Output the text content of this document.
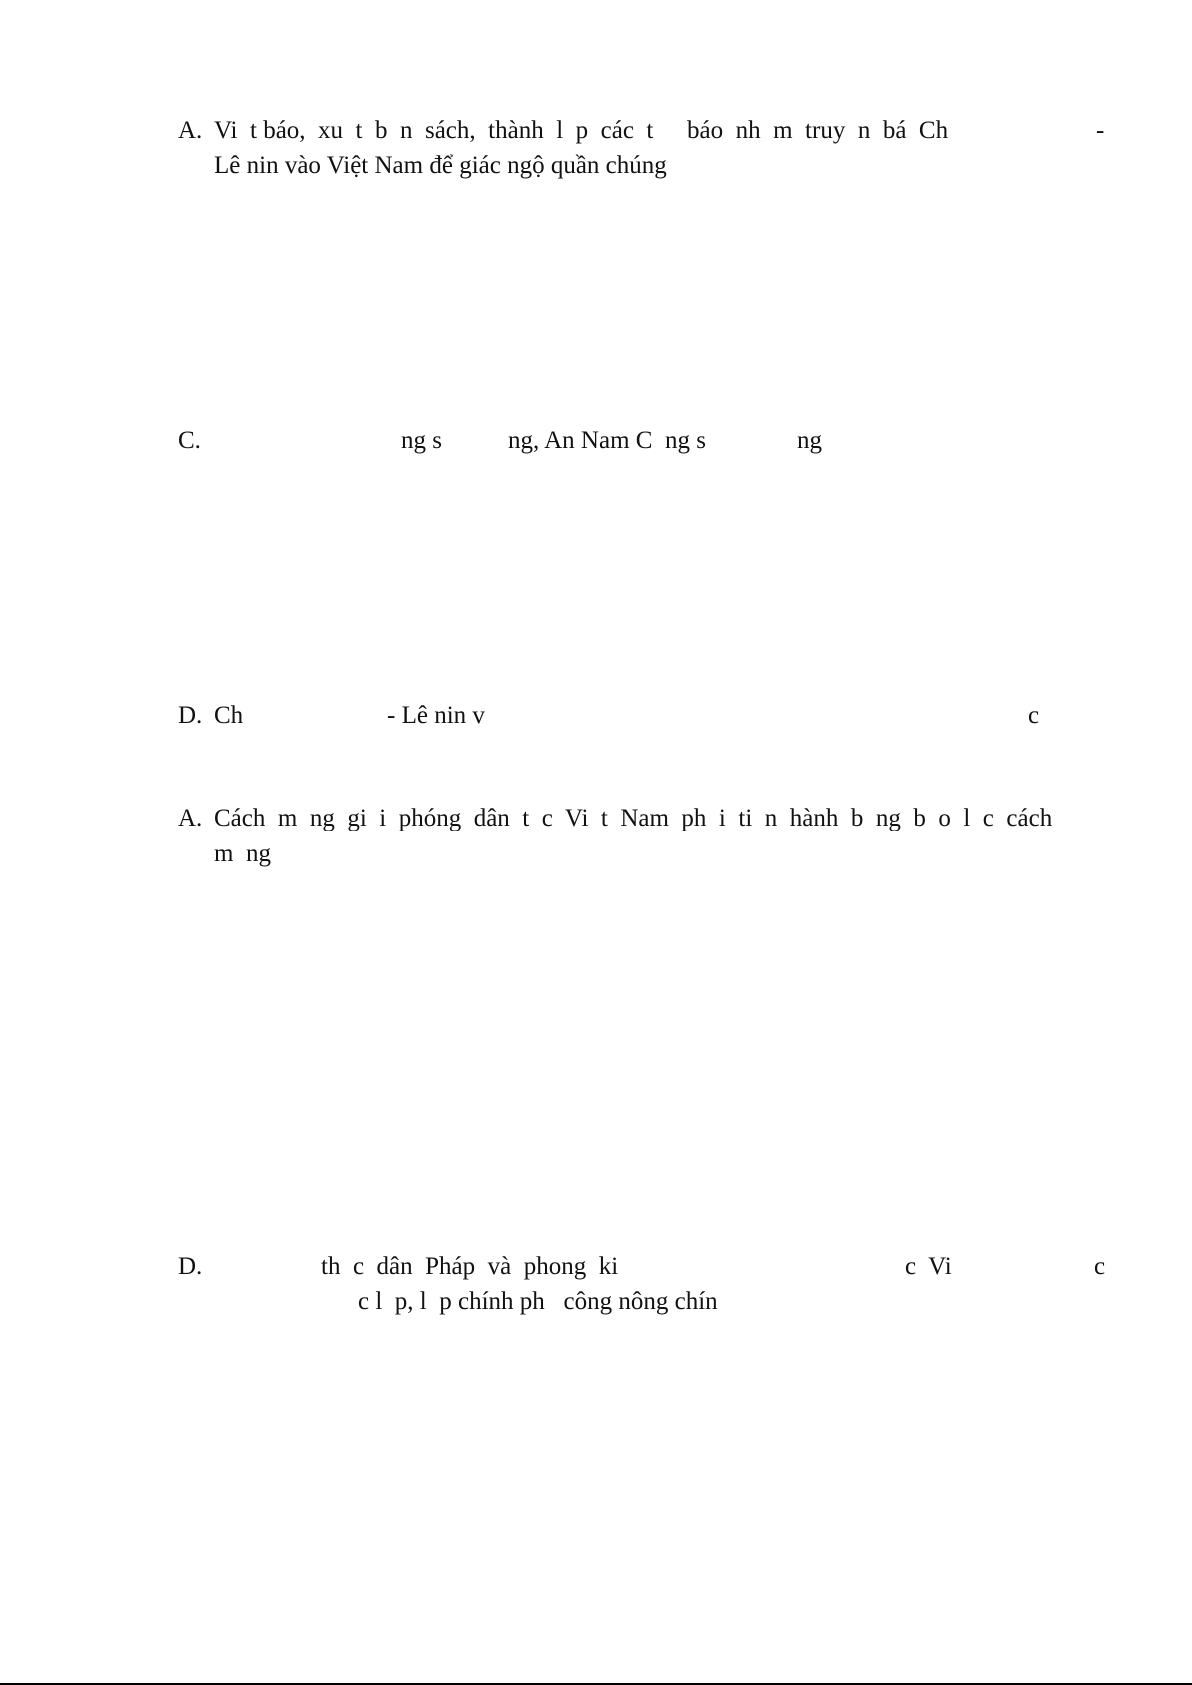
A. Vi  t báo,  xu  t  b  n  sách,  thành  l  p  các  t báo  nh  m  truy  n  bá  Ch	-
Lê nin vào Việt Nam để giác ngộ quần chúng
C.	ng s	ng, An Nam C  ng s	ng
D. Ch	- Lê nin v	c
A. Cách  m  ng  gi  i  phóng  dân  t  c  Vi  t  Nam  ph  i  ti  n  hành  b  ng  b  o  l  c  cách
m  ng
D.	th  c  dân  Pháp  và  phong  ki	c  Vi	c
c l  p, l  p chính ph   công nông chín
